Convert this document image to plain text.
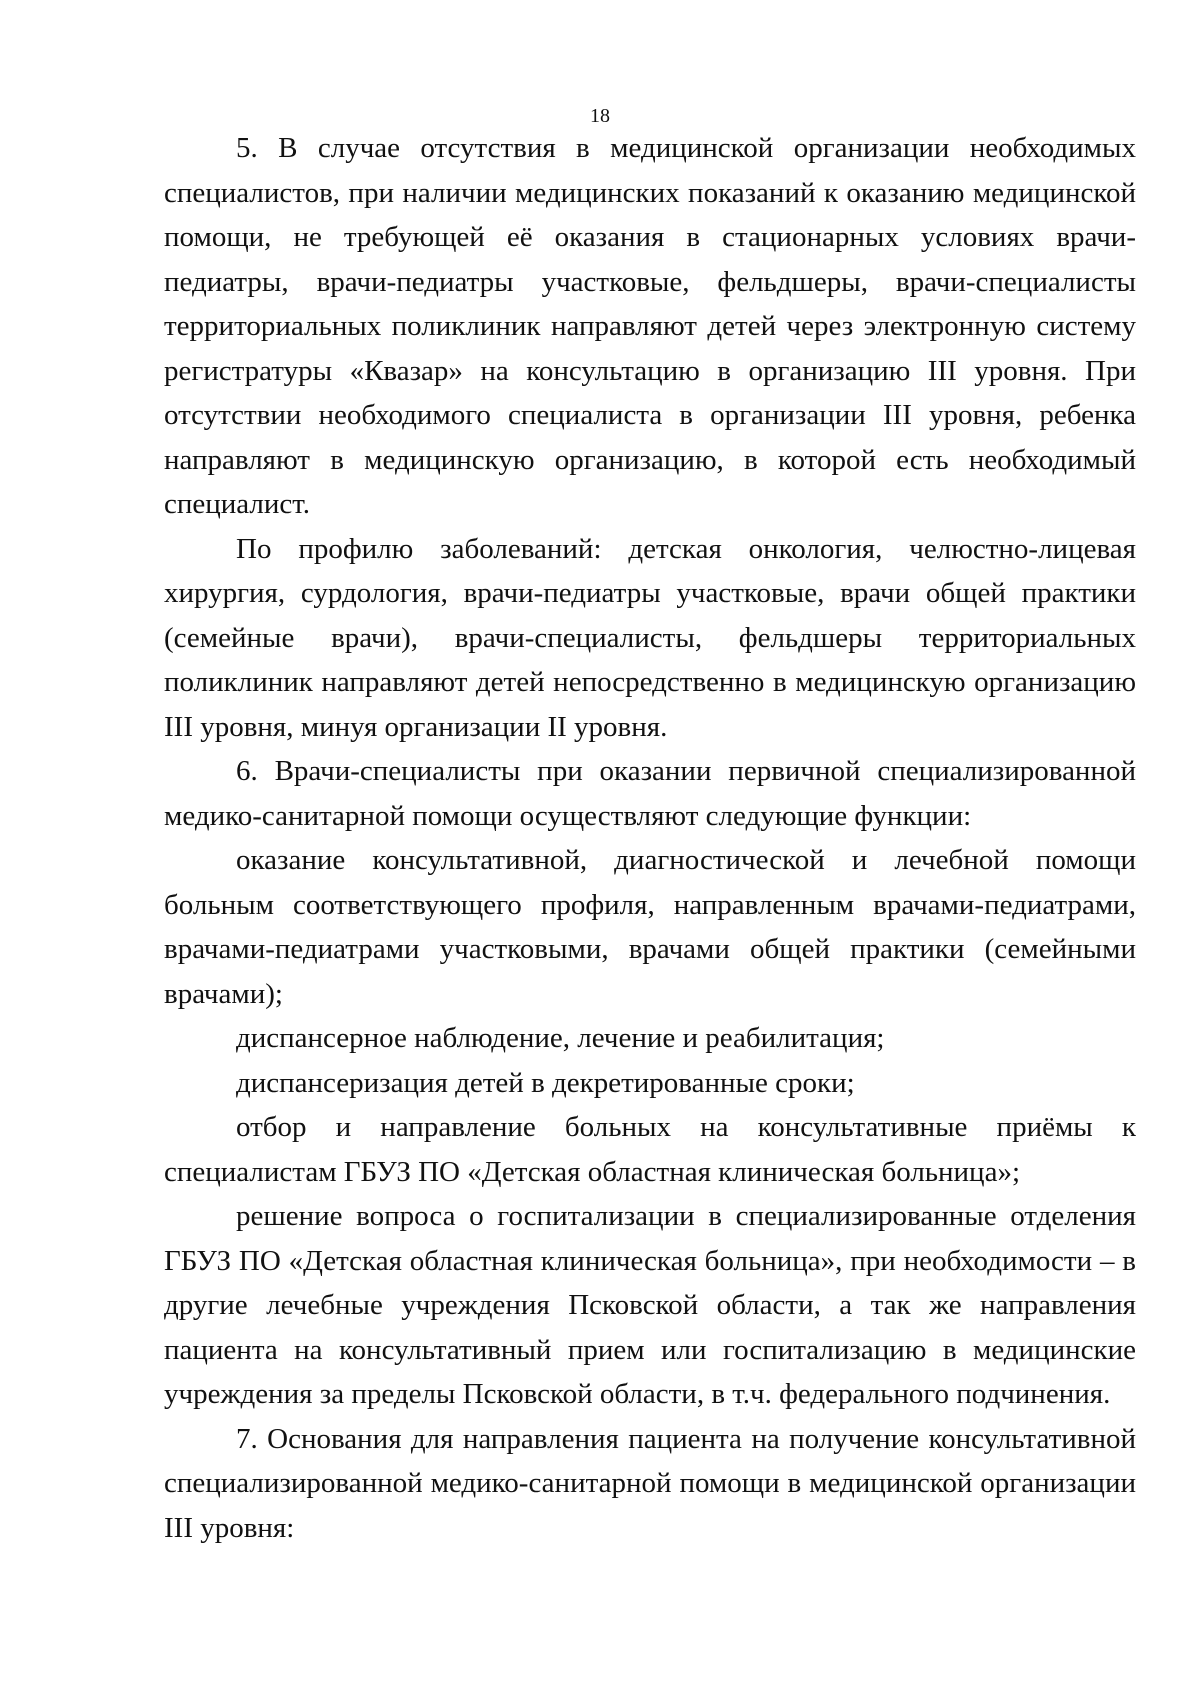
18

5. В случае отсутствия в медицинской организации необходимых специалистов, при наличии медицинских показаний к оказанию медицинской помощи, не требующей её оказания в стационарных условиях врачи-педиатры, врачи-педиатры участковые, фельдшеры, врачи-специалисты территориальных поликлиник направляют детей через электронную систему регистратуры «Квазар» на консультацию в организацию III уровня. При отсутствии необходимого специалиста в организации III уровня, ребенка направляют в медицинскую организацию, в которой есть необходимый специалист.

По профилю заболеваний: детская онкология, челюстно-лицевая хирургия, сурдология, врачи-педиатры участковые, врачи общей практики (семейные врачи), врачи-специалисты, фельдшеры территориальных поликлиник направляют детей непосредственно в медицинскую организацию III уровня, минуя организации II уровня.

6. Врачи-специалисты при оказании первичной специализированной медико-санитарной помощи осуществляют следующие функции:

оказание консультативной, диагностической и лечебной помощи больным соответствующего профиля, направленным врачами-педиатрами, врачами-педиатрами участковыми, врачами общей практики (семейными врачами);

диспансерное наблюдение, лечение и реабилитация;

диспансеризация детей в декретированные сроки;

отбор и направление больных на консультативные приёмы к специалистам ГБУЗ ПО «Детская областная клиническая больница»;

решение вопроса о госпитализации в специализированные отделения ГБУЗ ПО «Детская областная клиническая больница», при необходимости – в другие лечебные учреждения Псковской области, а так же направления пациента на консультативный прием или госпитализацию в медицинские учреждения за пределы Псковской области, в т.ч. федерального подчинения.

7. Основания для направления пациента на получение консультативной специализированной медико-санитарной помощи в медицинской организации III уровня:
